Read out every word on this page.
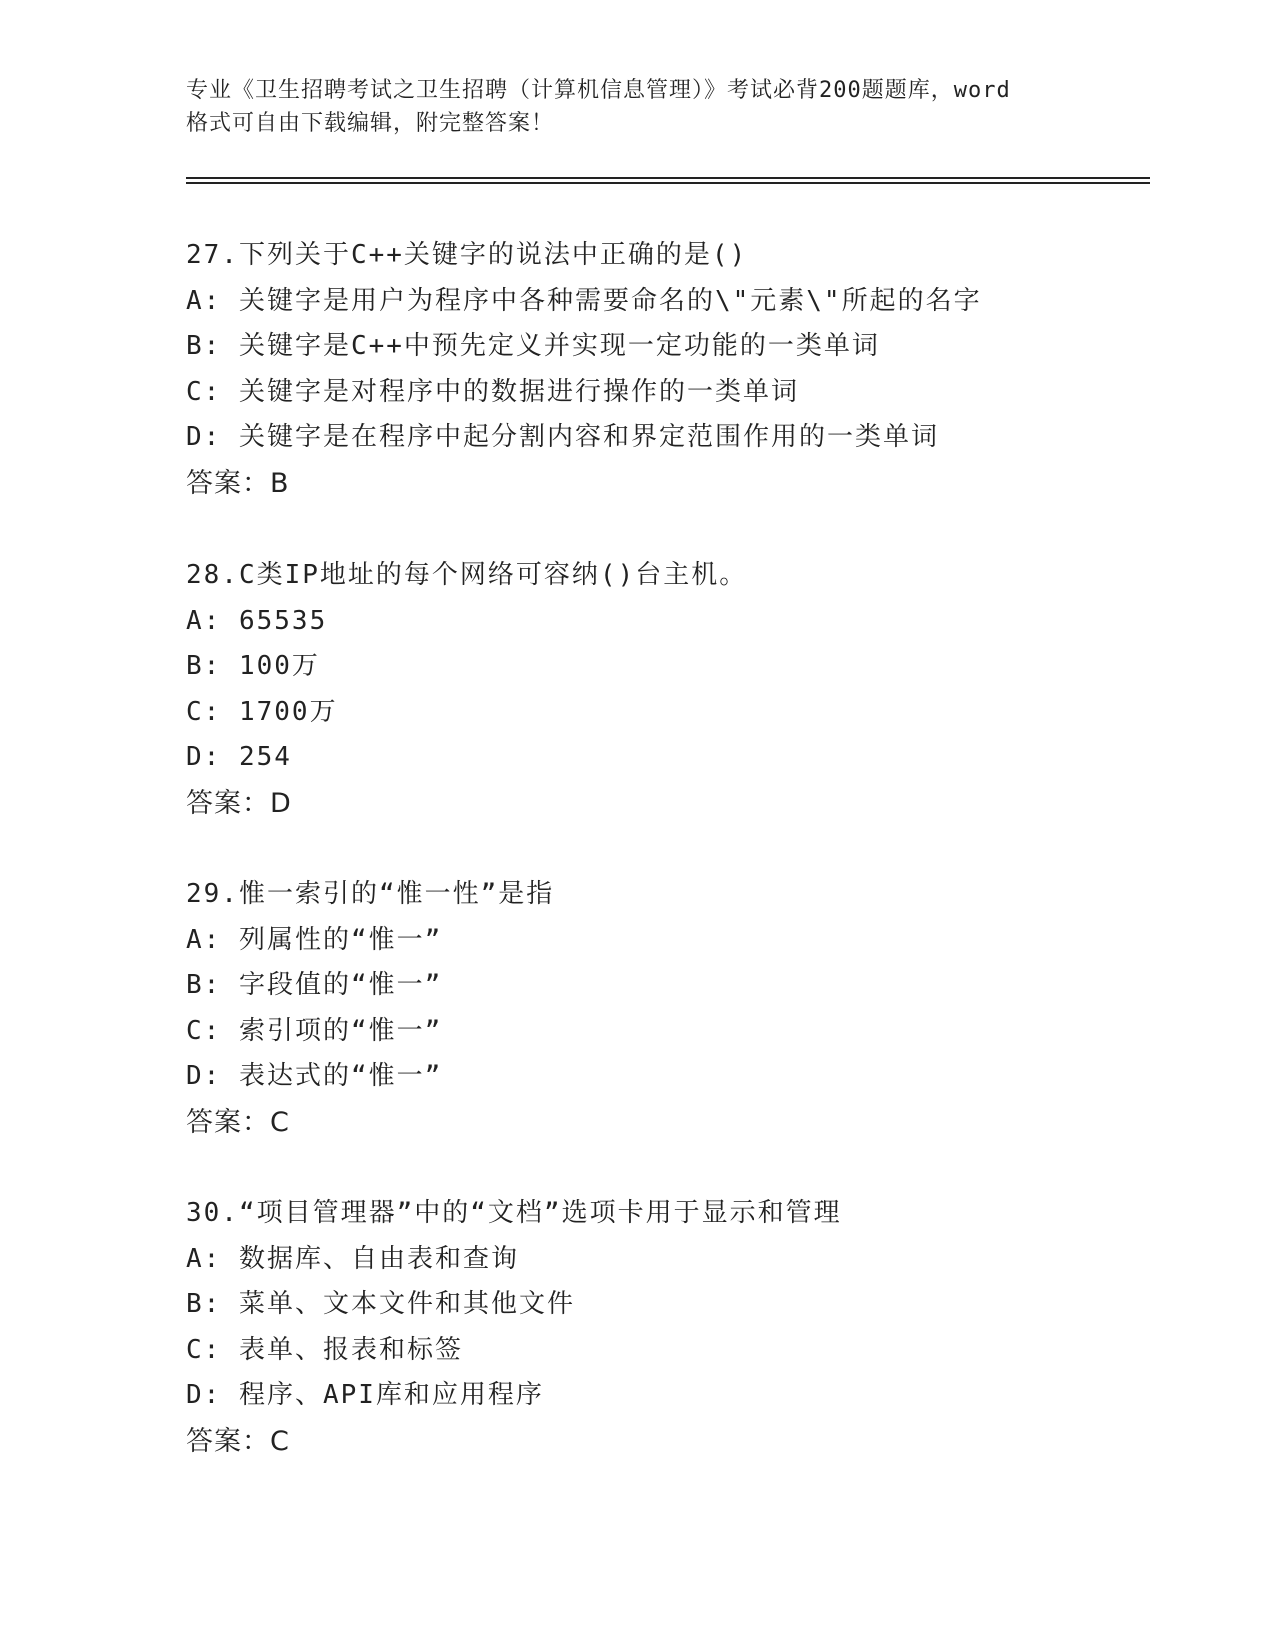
专业《卫生招聘考试之卫生招聘（计算机信息管理）》考试必背200题题库，word
格式可自由下载编辑，附完整答案！
27.下列关于C++关键字的说法中正确的是()
A: 关键字是用户为程序中各种需要命名的\"元素\"所起的名字
B: 关键字是C++中预先定义并实现一定功能的一类单词
C: 关键字是对程序中的数据进行操作的一类单词
D: 关键字是在程序中起分割内容和界定范围作用的一类单词
答案：B
28.C类IP地址的每个网络可容纳()台主机。
A: 65535
B: 100万
C: 1700万
D: 254
答案：D
29.惟一索引的“惟一性”是指
A: 列属性的“惟一”
B: 字段值的“惟一”
C: 索引项的“惟一”
D: 表达式的“惟一”
答案：C
30.“项目管理器”中的“文档”选项卡用于显示和管理
A: 数据库、自由表和查询
B: 菜单、文本文件和其他文件
C: 表单、报表和标签
D: 程序、API库和应用程序
答案：C
